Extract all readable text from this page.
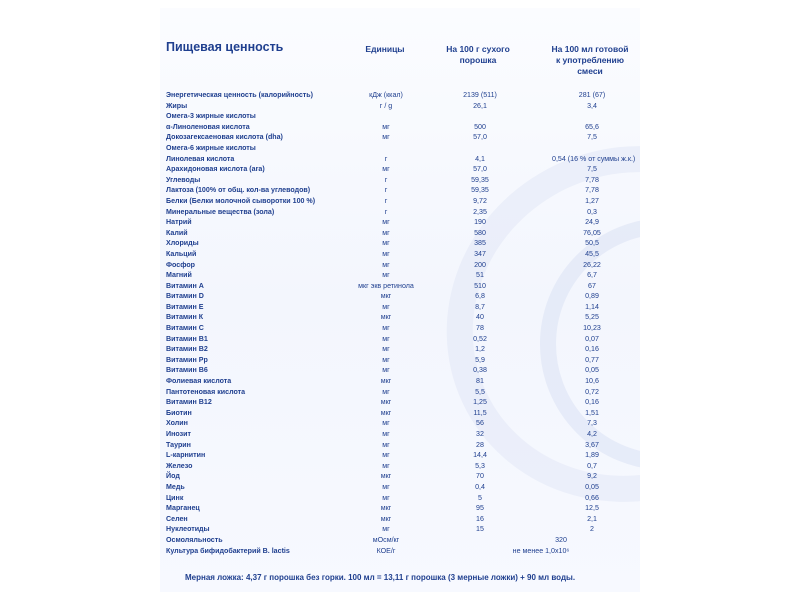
Пищевая ценность	Единицы	На 100 г сухого
порошка
На 100 мл готовой
к употреблению
смеси
Энергетическая ценность (калорийность)	кДж (ккал)	2139 (511)	281 (67)
Жиры	г / g	26,1	3,4
Омега-3 жирные кислоты
α-Линоленовая кислота	мг	500	65,6
Докозагексаеновая кислота (dha)	мг	57,0	7,5
Омега-6 жирные кислоты
Линолевая кислота	г	4,1	0,54 (16 % от суммы ж.к.)
Арахидоновая кислота (ara)	мг	57,0	7,5
Углеводы	г	59,35	7,78
Лактоза (100% от общ. кол-ва углеводов)	г	59,35	7,78
Белки (Белки молочной сыворотки 100 %)	г	9,72	1,27
Минеральные вещества (зола)	г	2,35	0,3
Натрий	мг	190	24,9
Калий	мг	580	76,05
Хлориды	мг	385	50,5
Кальций	мг	347	45,5
Фосфор	мг	200	26,22
Магний	мг	51	6,7
Витамин А	мкг экв ретинола	510	67
Витамин D	мкг	6,8	0,89
Витамин Е	мг	8,7	1,14
Витамин К	мкг	40	5,25
Витамин С	мг	78	10,23
Витамин В1	мг	0,52	0,07
Витамин В2	мг	1,2	0,16
Витамин Рр	мг	5,9	0,77
Витамин В6	мг	0,38	0,05
Фолиевая кислота	мкг	81	10,6
Пантотеновая кислота	мг	5,5	0,72
Витамин В12	мкг	1,25	0,16
Биотин	мкг	11,5	1,51
Холин	мг	56	7,3
Инозит	мг	32	4,2
Таурин	мг	28	3,67
L-карнитин	мг	14,4	1,89
Железо	мг	5,3	0,7
Йод	мкг	70	9,2
Медь	мг	0,4	0,05
Цинк	мг	5	0,66
Марганец	мкг	95	12,5
Селен	мкг	16	2,1
Нуклеотиды	мг	15	2
Осмоляльность	мОсм/кг	320
Культура бифидобактерий B. lactis	КОЕ/г	не менее 1,0х10⁶
Мерная ложка: 4,37 г порошка без горки. 100 мл = 13,11 г порошка (3 мерные ложки) + 90 мл воды.
